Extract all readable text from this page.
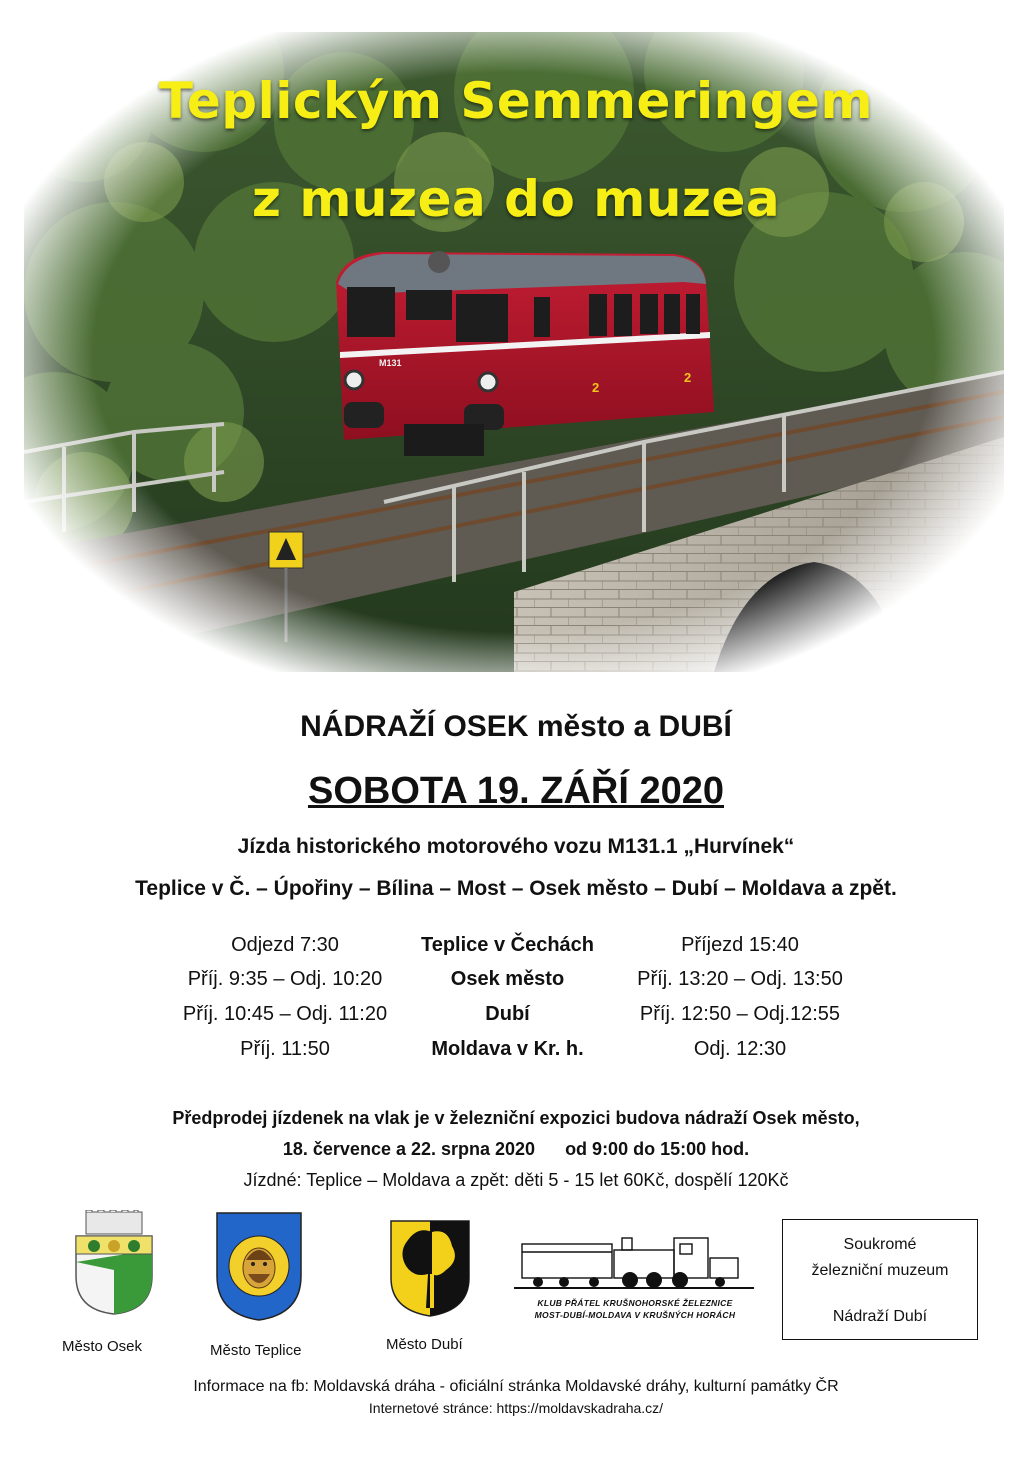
M131
2
2
Teplickým Semmeringem
z muzea do muzea
NÁDRAŽÍ OSEK město a DUBÍ
SOBOTA 19. ZÁŘÍ 2020
Jízda historického motorového vozu M131.1 „Hurvínek“
Teplice v Č. – Úpořiny – Bílina – Most – Osek město – Dubí – Moldava a zpět.
Odjezd 7:30	Teplice v Čechách	Příjezd 15:40
Příj. 9:35 – Odj. 10:20	Osek město	Příj. 13:20 – Odj. 13:50
Příj. 10:45 – Odj. 11:20	Dubí	Příj. 12:50 – Odj.12:55
Příj. 11:50	Moldava v Kr. h.	Odj. 12:30
Předprodej jízdenek na vlak je v železniční expozici budova nádraží Osek město,
18. července a 22. srpna 2020 od 9:00 do 15:00 hod.
Jízdné: Teplice – Moldava a zpět: děti 5 - 15 let 60Kč, dospělí 120Kč
Město Osek	Město Teplice	Město Dubí
KLUB PŘÁTEL KRUŠNOHORSKÉ ŽELEZNICE
MOST-DUBÍ-MOLDAVA V KRUŠNÝCH HORÁCH
Soukromé
železniční muzeum
Nádraží Dubí
Informace na fb: Moldavská dráha - oficiální stránka Moldavské dráhy, kulturní památky ČR
Internetové stránce: https://moldavskadraha.cz/
